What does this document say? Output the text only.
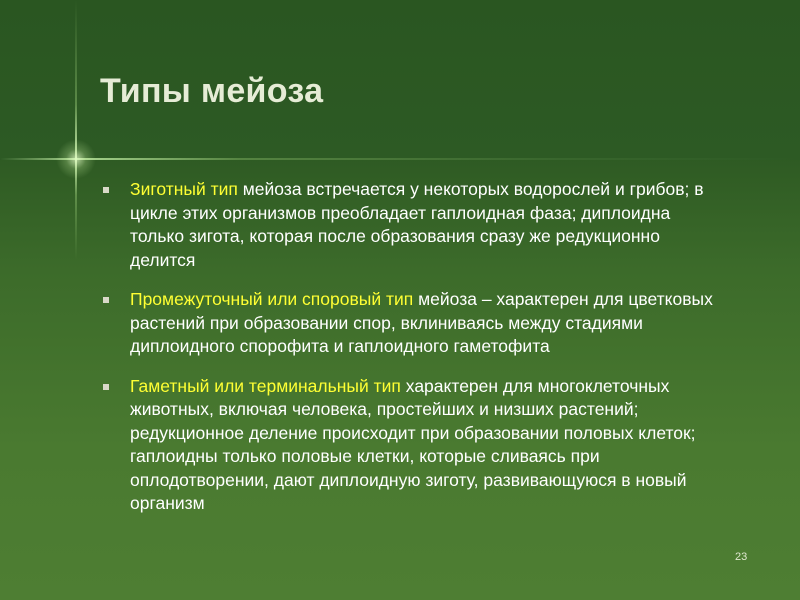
Типы мейоза
Зиготный тип мейоза встречается у некоторых водорослей и грибов; в цикле этих организмов преобладает гаплоидная фаза; диплоидна только зигота, которая после образования сразу же редукционно делится
Промежуточный или споровый тип мейоза – характерен для цветковых растений при образовании спор, вклиниваясь между стадиями диплоидного спорофита и гаплоидного гаметофита
Гаметный или терминальный тип характерен для многоклеточных животных, включая человека, простейших и низших растений; редукционное деление происходит при образовании половых клеток; гаплоидны только половые клетки, которые сливаясь при оплодотворении, дают диплоидную зиготу, развивающуюся в новый организм
23
